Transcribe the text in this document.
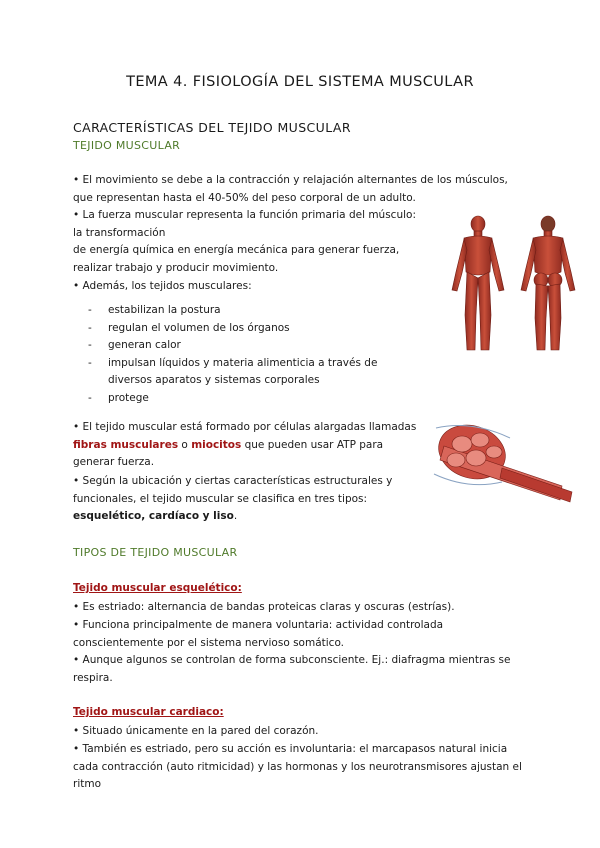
TEMA 4. FISIOLOGÍA DEL SISTEMA MUSCULAR
CARACTERÍSTICAS DEL TEJIDO MUSCULAR
TEJIDO MUSCULAR
• El movimiento se debe a la contracción y relajación alternantes de los músculos, que representan hasta el 40-50% del peso corporal de un adulto.
• La fuerza muscular representa la función primaria del músculo: la transformación
de energía química en energía mecánica para generar fuerza, realizar trabajo y producir movimiento.
• Además, los tejidos musculares:
- estabilizan la postura
- regulan el volumen de los órganos
- generan calor
- impulsan líquidos y materia alimenticia a través de diversos aparatos y sistemas corporales
- protege
• El tejido muscular está formado por células alargadas llamadas fibras musculares o miocitos que pueden usar ATP para generar fuerza.
• Según la ubicación y ciertas características estructurales y funcionales, el tejido muscular se clasifica en tres tipos:
esquelético, cardíaco y liso.
TIPOS DE TEJIDO MUSCULAR
Tejido muscular esquelético:
• Es estriado: alternancia de bandas proteicas claras y oscuras (estrías).
• Funciona principalmente de manera voluntaria: actividad controlada conscientemente por el sistema nervioso somático.
• Aunque algunos se controlan de forma subconsciente. Ej.: diafragma mientras se respira.
Tejido muscular cardiaco:
• Situado únicamente en la pared del corazón.
• También es estriado, pero su acción es involuntaria: el marcapasos natural inicia cada contracción (auto ritmicidad) y las hormonas y los neurotransmisores ajustan el ritmo
